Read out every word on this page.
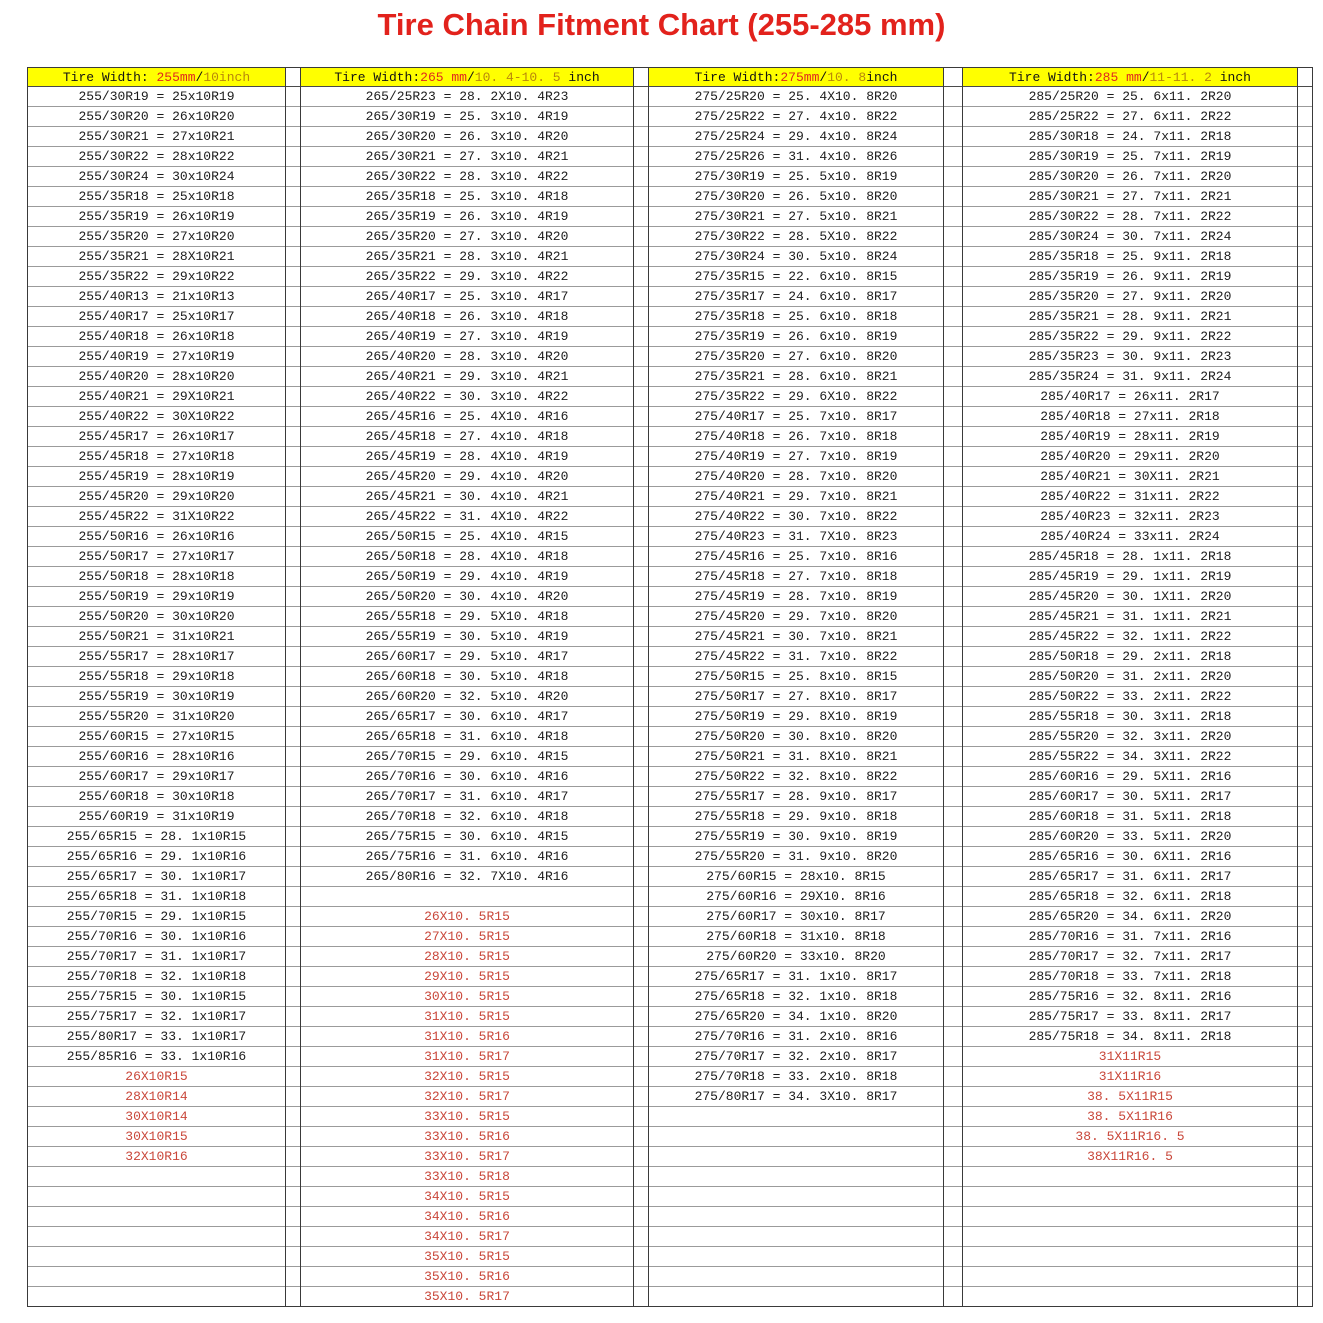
Tire Chain Fitment Chart (255-285 mm)
Tire Width: 255mm/10inch
255/30R19 = 25x10R19
255/30R20 = 26x10R20
255/30R21 = 27x10R21
255/30R22 = 28x10R22
255/30R24 = 30x10R24
255/35R18 = 25x10R18
255/35R19 = 26x10R19
255/35R20 = 27x10R20
255/35R21 = 28X10R21
255/35R22 = 29x10R22
255/40R13 = 21x10R13
255/40R17 = 25x10R17
255/40R18 = 26x10R18
255/40R19 = 27x10R19
255/40R20 = 28x10R20
255/40R21 = 29X10R21
255/40R22 = 30X10R22
255/45R17 = 26x10R17
255/45R18 = 27x10R18
255/45R19 = 28x10R19
255/45R20 = 29x10R20
255/45R22 = 31X10R22
255/50R16 = 26x10R16
255/50R17 = 27x10R17
255/50R18 = 28x10R18
255/50R19 = 29x10R19
255/50R20 = 30x10R20
255/50R21 = 31x10R21
255/55R17 = 28x10R17
255/55R18 = 29x10R18
255/55R19 = 30x10R19
255/55R20 = 31x10R20
255/60R15 = 27x10R15
255/60R16 = 28x10R16
255/60R17 = 29x10R17
255/60R18 = 30x10R18
255/60R19 = 31x10R19
255/65R15 = 28. 1x10R15
255/65R16 = 29. 1x10R16
255/65R17 = 30. 1x10R17
255/65R18 = 31. 1x10R18
255/70R15 = 29. 1x10R15
255/70R16 = 30. 1x10R16
255/70R17 = 31. 1x10R17
255/70R18 = 32. 1x10R18
255/75R15 = 30. 1x10R15
255/75R17 = 32. 1x10R17
255/80R17 = 33. 1x10R17
255/85R16 = 33. 1x10R16
26X10R15
28X10R14
30X10R14
30X10R15
32X10R16
Tire Width:265 mm/10. 4-10. 5 inch
265/25R23 = 28. 2X10. 4R23
265/30R19 = 25. 3x10. 4R19
265/30R20 = 26. 3x10. 4R20
265/30R21 = 27. 3x10. 4R21
265/30R22 = 28. 3x10. 4R22
265/35R18 = 25. 3x10. 4R18
265/35R19 = 26. 3x10. 4R19
265/35R20 = 27. 3x10. 4R20
265/35R21 = 28. 3x10. 4R21
265/35R22 = 29. 3x10. 4R22
265/40R17 = 25. 3x10. 4R17
265/40R18 = 26. 3x10. 4R18
265/40R19 = 27. 3x10. 4R19
265/40R20 = 28. 3x10. 4R20
265/40R21 = 29. 3x10. 4R21
265/40R22 = 30. 3x10. 4R22
265/45R16 = 25. 4X10. 4R16
265/45R18 = 27. 4x10. 4R18
265/45R19 = 28. 4X10. 4R19
265/45R20 = 29. 4x10. 4R20
265/45R21 = 30. 4x10. 4R21
265/45R22 = 31. 4X10. 4R22
265/50R15 = 25. 4X10. 4R15
265/50R18 = 28. 4X10. 4R18
265/50R19 = 29. 4x10. 4R19
265/50R20 = 30. 4x10. 4R20
265/55R18 = 29. 5X10. 4R18
265/55R19 = 30. 5x10. 4R19
265/60R17 = 29. 5x10. 4R17
265/60R18 = 30. 5x10. 4R18
265/60R20 = 32. 5x10. 4R20
265/65R17 = 30. 6x10. 4R17
265/65R18 = 31. 6x10. 4R18
265/70R15 = 29. 6x10. 4R15
265/70R16 = 30. 6x10. 4R16
265/70R17 = 31. 6x10. 4R17
265/70R18 = 32. 6x10. 4R18
265/75R15 = 30. 6x10. 4R15
265/75R16 = 31. 6x10. 4R16
265/80R16 = 32. 7X10. 4R16
26X10. 5R15
27X10. 5R15
28X10. 5R15
29X10. 5R15
30X10. 5R15
31X10. 5R15
31X10. 5R16
31X10. 5R17
32X10. 5R15
32X10. 5R17
33X10. 5R15
33X10. 5R16
33X10. 5R17
33X10. 5R18
34X10. 5R15
34X10. 5R16
34X10. 5R17
35X10. 5R15
35X10. 5R16
35X10. 5R17
Tire Width:275mm/10. 8inch
275/25R20 = 25. 4X10. 8R20
275/25R22 = 27. 4x10. 8R22
275/25R24 = 29. 4x10. 8R24
275/25R26 = 31. 4x10. 8R26
275/30R19 = 25. 5x10. 8R19
275/30R20 = 26. 5x10. 8R20
275/30R21 = 27. 5x10. 8R21
275/30R22 = 28. 5X10. 8R22
275/30R24 = 30. 5x10. 8R24
275/35R15 = 22. 6x10. 8R15
275/35R17 = 24. 6x10. 8R17
275/35R18 = 25. 6x10. 8R18
275/35R19 = 26. 6x10. 8R19
275/35R20 = 27. 6x10. 8R20
275/35R21 = 28. 6x10. 8R21
275/35R22 = 29. 6X10. 8R22
275/40R17 = 25. 7x10. 8R17
275/40R18 = 26. 7x10. 8R18
275/40R19 = 27. 7x10. 8R19
275/40R20 = 28. 7x10. 8R20
275/40R21 = 29. 7x10. 8R21
275/40R22 = 30. 7x10. 8R22
275/40R23 = 31. 7X10. 8R23
275/45R16 = 25. 7x10. 8R16
275/45R18 = 27. 7x10. 8R18
275/45R19 = 28. 7x10. 8R19
275/45R20 = 29. 7x10. 8R20
275/45R21 = 30. 7x10. 8R21
275/45R22 = 31. 7x10. 8R22
275/50R15 = 25. 8x10. 8R15
275/50R17 = 27. 8X10. 8R17
275/50R19 = 29. 8X10. 8R19
275/50R20 = 30. 8x10. 8R20
275/50R21 = 31. 8X10. 8R21
275/50R22 = 32. 8x10. 8R22
275/55R17 = 28. 9x10. 8R17
275/55R18 = 29. 9x10. 8R18
275/55R19 = 30. 9x10. 8R19
275/55R20 = 31. 9x10. 8R20
275/60R15 = 28x10. 8R15
275/60R16 = 29X10. 8R16
275/60R17 = 30x10. 8R17
275/60R18 = 31x10. 8R18
275/60R20 = 33x10. 8R20
275/65R17 = 31. 1x10. 8R17
275/65R18 = 32. 1x10. 8R18
275/65R20 = 34. 1x10. 8R20
275/70R16 = 31. 2x10. 8R16
275/70R17 = 32. 2x10. 8R17
275/70R18 = 33. 2x10. 8R18
275/80R17 = 34. 3X10. 8R17
Tire Width:285 mm/11-11. 2 inch
285/25R20 = 25. 6x11. 2R20
285/25R22 = 27. 6x11. 2R22
285/30R18 = 24. 7x11. 2R18
285/30R19 = 25. 7x11. 2R19
285/30R20 = 26. 7x11. 2R20
285/30R21 = 27. 7x11. 2R21
285/30R22 = 28. 7x11. 2R22
285/30R24 = 30. 7x11. 2R24
285/35R18 = 25. 9x11. 2R18
285/35R19 = 26. 9x11. 2R19
285/35R20 = 27. 9x11. 2R20
285/35R21 = 28. 9x11. 2R21
285/35R22 = 29. 9x11. 2R22
285/35R23 = 30. 9x11. 2R23
285/35R24 = 31. 9x11. 2R24
285/40R17 = 26x11. 2R17
285/40R18 = 27x11. 2R18
285/40R19 = 28x11. 2R19
285/40R20 = 29x11. 2R20
285/40R21 = 30X11. 2R21
285/40R22 = 31x11. 2R22
285/40R23 = 32x11. 2R23
285/40R24 = 33x11. 2R24
285/45R18 = 28. 1x11. 2R18
285/45R19 = 29. 1x11. 2R19
285/45R20 = 30. 1X11. 2R20
285/45R21 = 31. 1x11. 2R21
285/45R22 = 32. 1x11. 2R22
285/50R18 = 29. 2x11. 2R18
285/50R20 = 31. 2x11. 2R20
285/50R22 = 33. 2x11. 2R22
285/55R18 = 30. 3x11. 2R18
285/55R20 = 32. 3x11. 2R20
285/55R22 = 34. 3X11. 2R22
285/60R16 = 29. 5X11. 2R16
285/60R17 = 30. 5X11. 2R17
285/60R18 = 31. 5x11. 2R18
285/60R20 = 33. 5x11. 2R20
285/65R16 = 30. 6X11. 2R16
285/65R17 = 31. 6x11. 2R17
285/65R18 = 32. 6x11. 2R18
285/65R20 = 34. 6x11. 2R20
285/70R16 = 31. 7x11. 2R16
285/70R17 = 32. 7x11. 2R17
285/70R18 = 33. 7x11. 2R18
285/75R16 = 32. 8x11. 2R16
285/75R17 = 33. 8x11. 2R17
285/75R18 = 34. 8x11. 2R18
31X11R15
31X11R16
38. 5X11R15
38. 5X11R16
38. 5X11R16. 5
38X11R16. 5
